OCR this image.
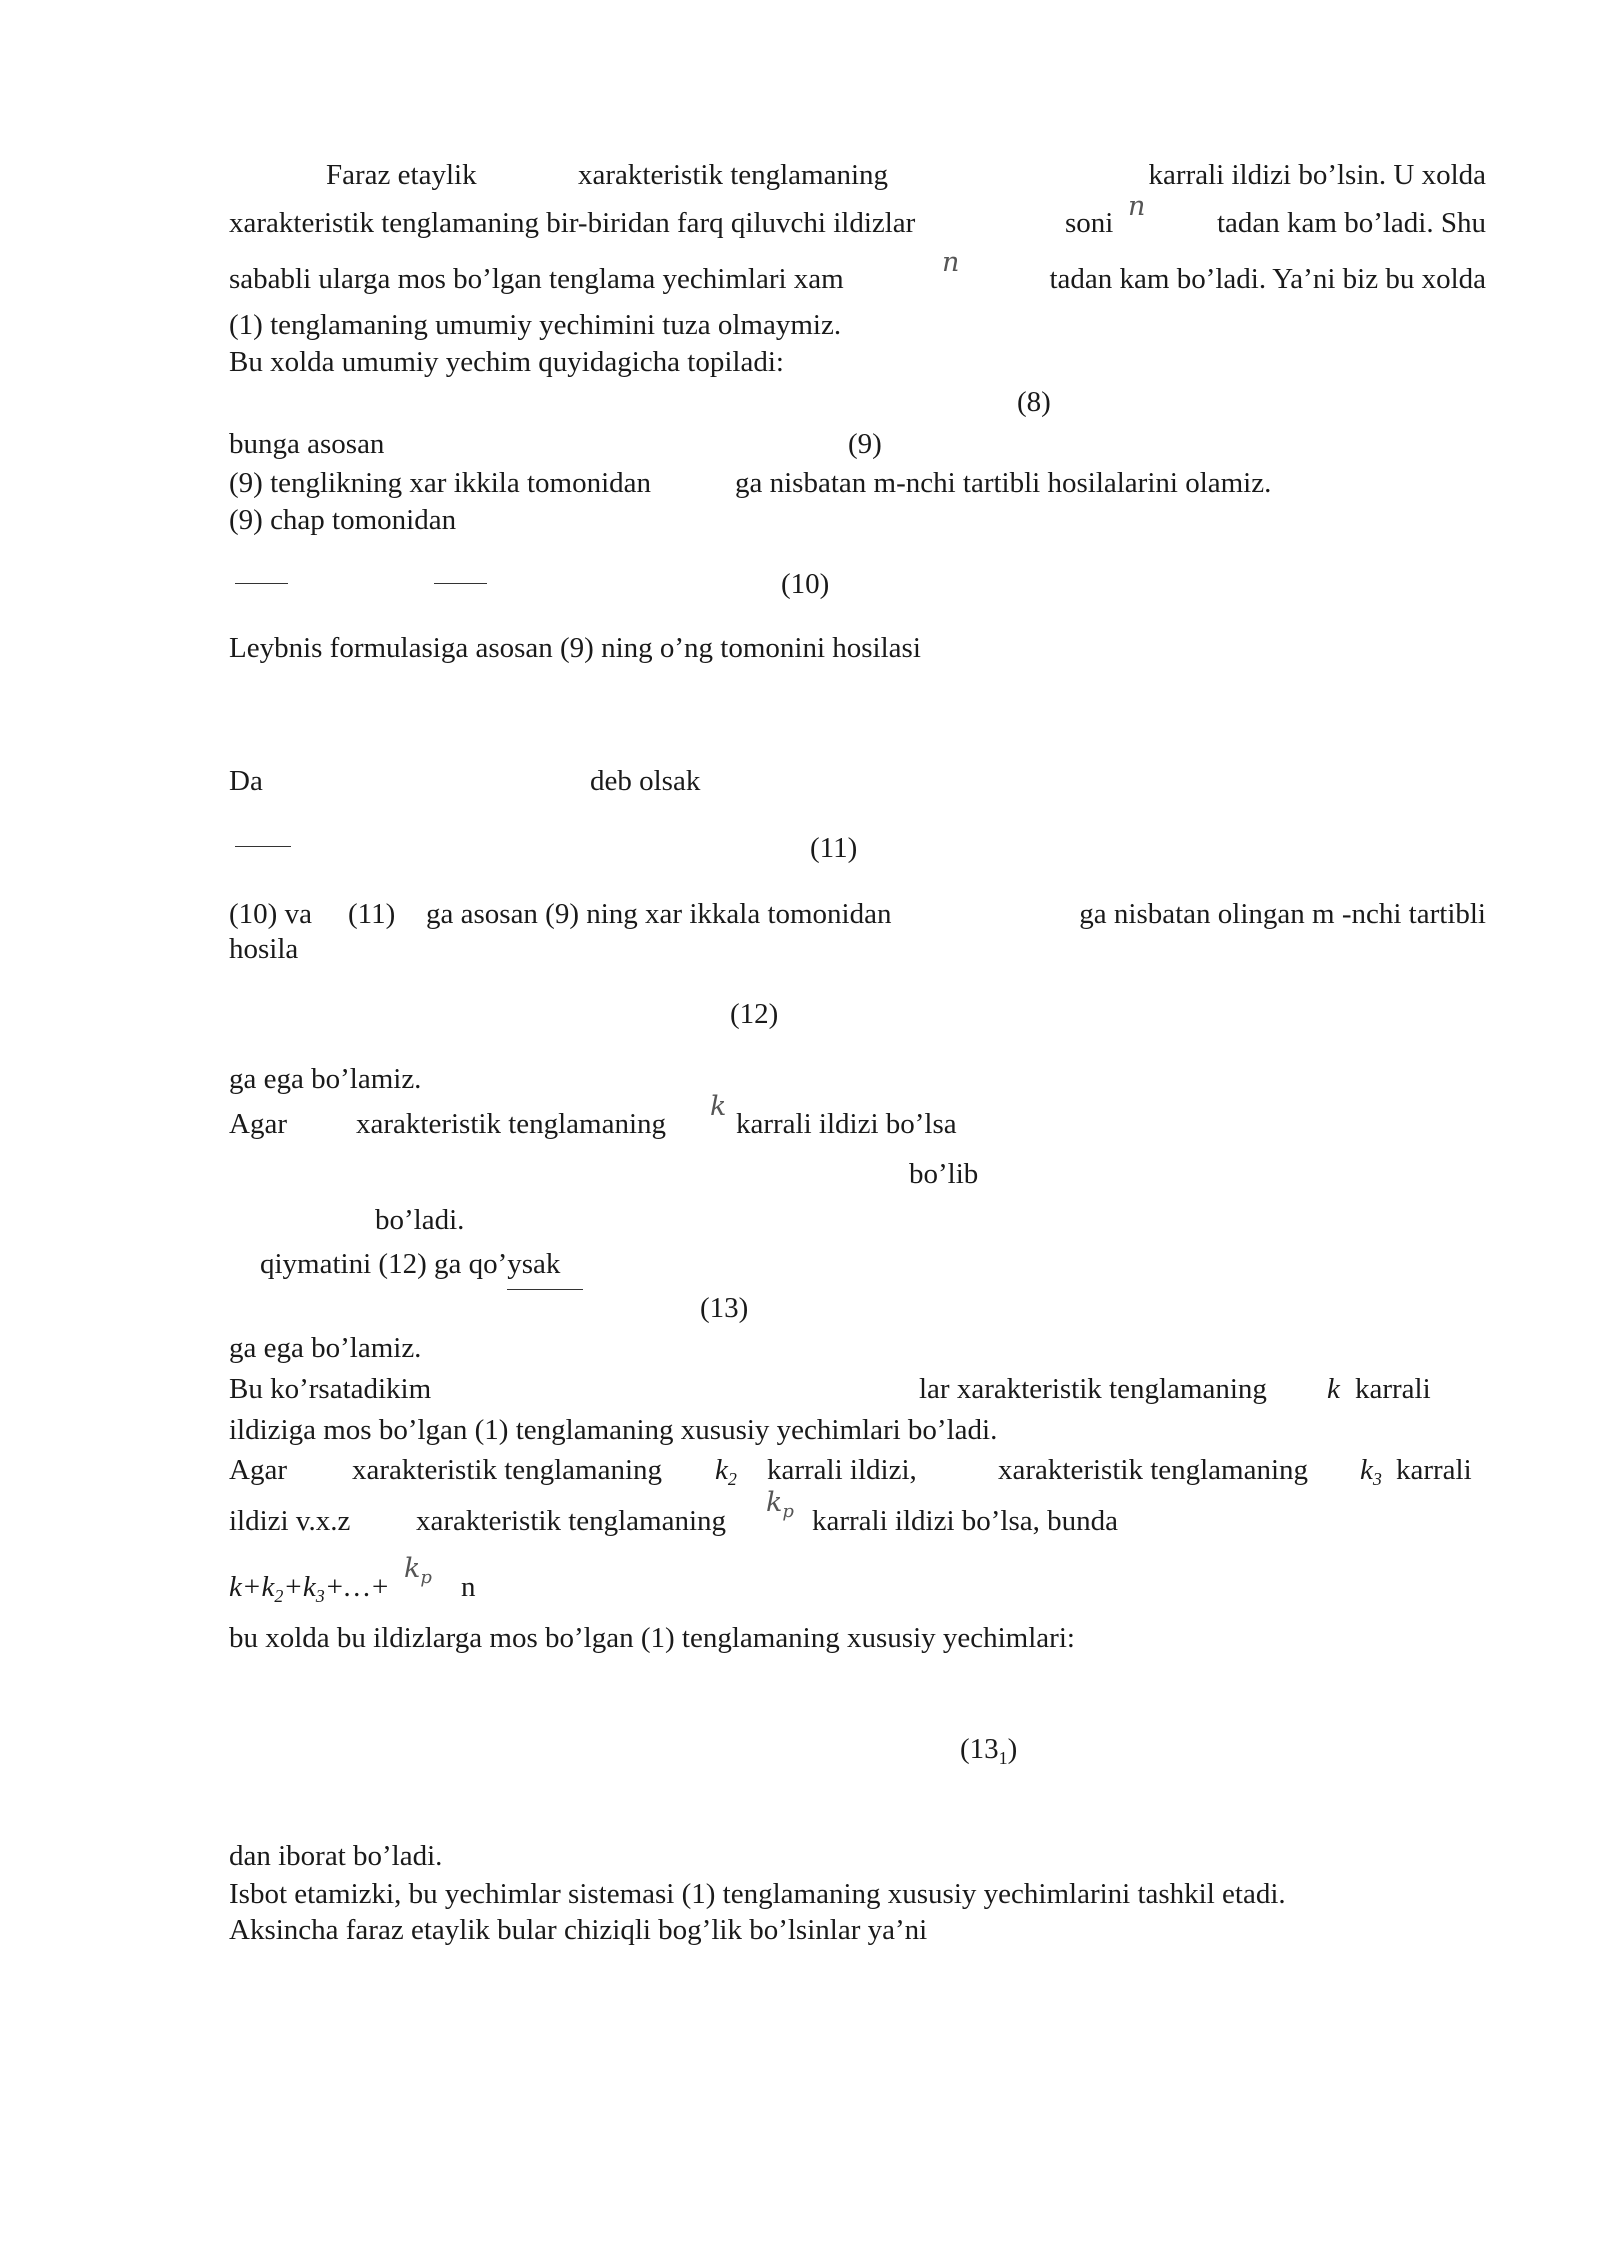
Faraz etaylik	xarakteristik tenglamaning	karrali ildizi bo’lsin. U xolda
xarakteristik tenglamaning bir-biridan farq qiluvchi ildizlar	soni
n
tadan kam bo’ladi. Shu
sababli ularga mos bo’lgan tenglama yechimlari xam
n
tadan kam bo’ladi. Ya’ni biz bu xolda
(1) tenglamaning umumiy yechimini tuza olmaymiz.
Bu xolda umumiy yechim quyidagicha topiladi:
(8)
bunga asosan	(9)
(9) tenglikning xar ikkila tomonidan	ga nisbatan m-nchi tartibli hosilalarini olamiz.
(9) chap tomonidan
(10)
Leybnis formulasiga asosan (9) ning o’ng tomonini hosilasi
Da	deb olsak
(11)
(10) va (11) ga asosan (9) ning xar ikkala tomonidan	ga nisbatan olingan m -nchi tartibli
hosila
(12)
ga ega bo’lamiz.
Agar xarakteristik tenglamaning
k
karrali ildizi bo’lsa
bo’lib
bo’ladi.
qiymatini (12) ga qo’ysak
(13)
ga ega bo’lamiz.
Bu ko’rsatadikim	lar xarakteristik tenglamaning k karrali
ildiziga mos bo’lgan (1) tenglamaning xususiy yechimlari bo’ladi.
Agar xarakteristik tenglamaning $k_2$ karrali ildizi,	xarakteristik tenglamaning $k_3$ karrali
ildizi v.x.z xarakteristik tenglamaning
$k_p$ karrali ildizi bo’lsa, bunda
$k+k_2+k_3+\dots+$
$k_p$ n
bu xolda bu ildizlarga mos bo’lgan (1) tenglamaning xususiy yechimlari:
$(13_1)$
dan iborat bo’ladi.
Isbot etamizki, bu yechimlar sistemasi (1) tenglamaning xususiy yechimlarini tashkil etadi.
Aksincha faraz etaylik bular chiziqli bog’lik bo’lsinlar ya’ni
